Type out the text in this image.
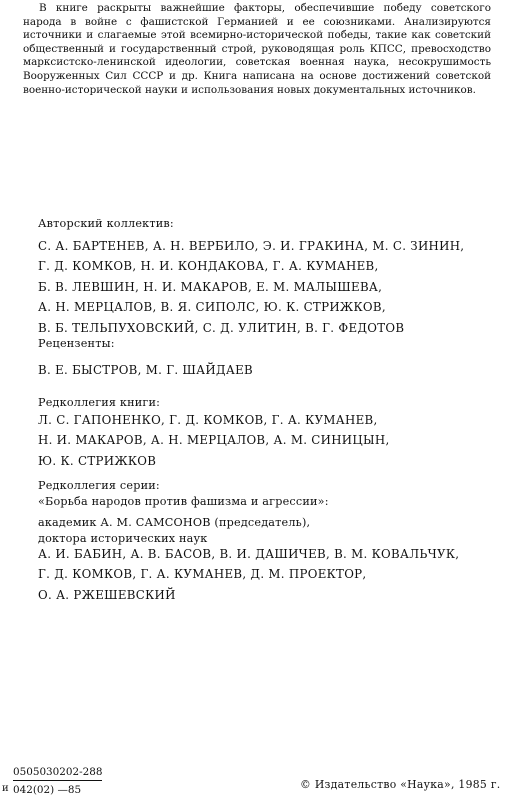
В книге раскрыты важнейшие факторы, обеспечившие победу советского народа в войне с фашистской Германией и ее союзниками. Анализируются источники и слагаемые этой всемирно-исторической победы, такие как советский общественный и государственный строй, руководящая роль КПСС, превосходство марксистско-ленинской идеологии, советская военная наука, несокрушимость Вооруженных Сил СССР и др. Книга написана на основе достижений советской военно-исторической науки и использования новых документальных источников.
Авторский коллектив:
С. А. БАРТЕНЕВ, А. Н. ВЕРБИЛО, Э. И. ГРАКИНА, М. С. ЗИНИН,
Г. Д. КОМКОВ, Н. И. КОНДАКОВА, Г. А. КУМАНЕВ,
Б. В. ЛЕВШИН, Н. И. МАКАРОВ, Е. М. МАЛЫШЕВА,
А. Н. МЕРЦАЛОВ, В. Я. СИПОЛС, Ю. К. СТРИЖКОВ,
В. Б. ТЕЛЬПУХОВСКИЙ, С. Д. УЛИТИН, В. Г. ФЕДОТОВ
Рецензенты:
В. Е. БЫСТРОВ, М. Г. ШАЙДАЕВ
Редколлегия книги:
Л. С. ГАПОНЕНКО, Г. Д. КОМКОВ, Г. А. КУМАНЕВ,
Н. И. МАКАРОВ, А. Н. МЕРЦАЛОВ, А. М. СИНИЦЫН,
Ю. К. СТРИЖКОВ
Редколлегия серии:
«Борьба народов против фашизма и агрессии»:
академик А. М. САМСОНОВ (председатель),
доктора исторических наук
А. И. БАБИН, А. В. БАСОВ, В. И. ДАШИЧЕВ, В. М. КОВАЛЬЧУК,
Г. Д. КОМКОВ, Г. А. КУМАНЕВ, Д. М. ПРОЕКТОР,
О. А. РЖЕШЕВСКИЙ
и
0505030202-288
042(02) —85	© Издательство «Наука», 1985 г.
